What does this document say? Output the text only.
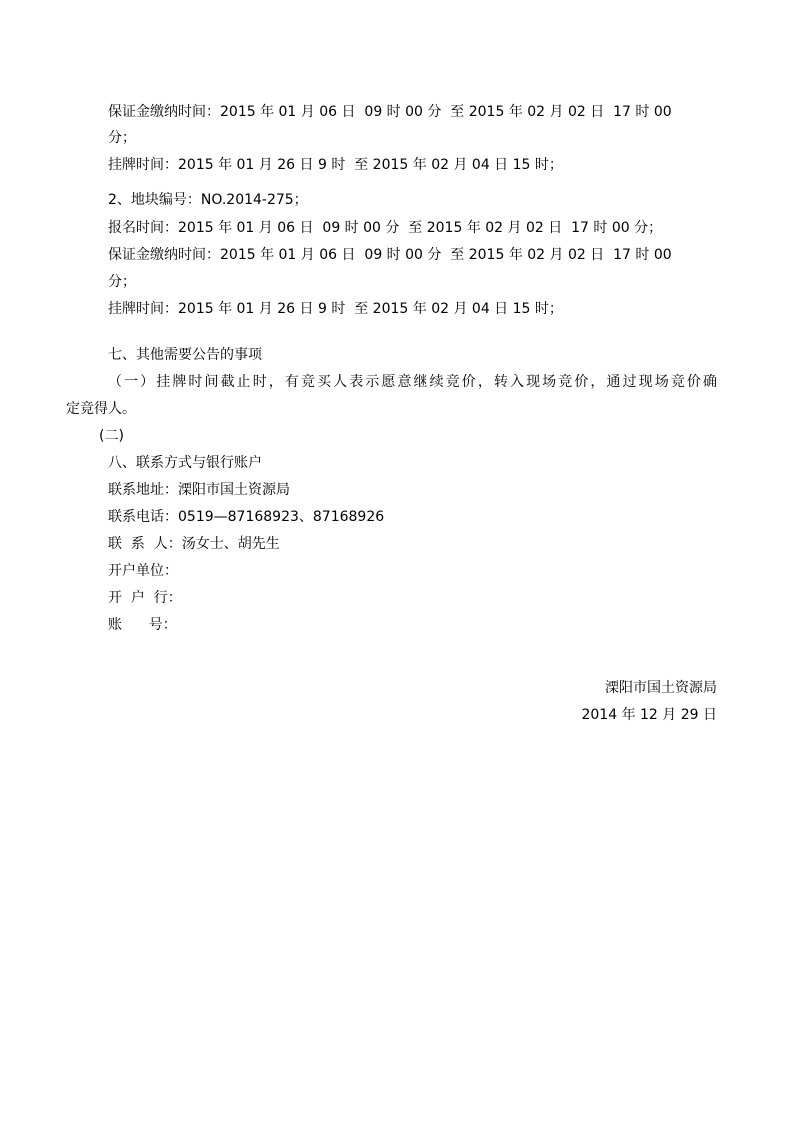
保证金缴纳时间：2015 年 01 月 06 日  09 时 00 分  至 2015 年 02 月 02 日  17 时 00
分；
挂牌时间：2015 年 01 月 26 日 9 时  至 2015 年 02 月 04 日 15 时；
2、地块编号：NO.2014-275；
报名时间：2015 年 01 月 06 日  09 时 00 分  至 2015 年 02 月 02 日  17 时 00 分；
保证金缴纳时间：2015 年 01 月 06 日  09 时 00 分  至 2015 年 02 月 02 日  17 时 00
分；
挂牌时间：2015 年 01 月 26 日 9 时  至 2015 年 02 月 04 日 15 时；
七、其他需要公告的事项
（一）挂牌时间截止时，有竞买人表示愿意继续竞价，转入现场竞价，通过现场竞价确
定竞得人。
(二)
八、联系方式与银行账户
联系地址：溧阳市国土资源局
联系电话：0519—87168923、87168926
联  系  人：汤女士、胡先生
开户单位：
开  户  行：
账      号：
溧阳市国土资源局
2014 年 12 月 29 日
